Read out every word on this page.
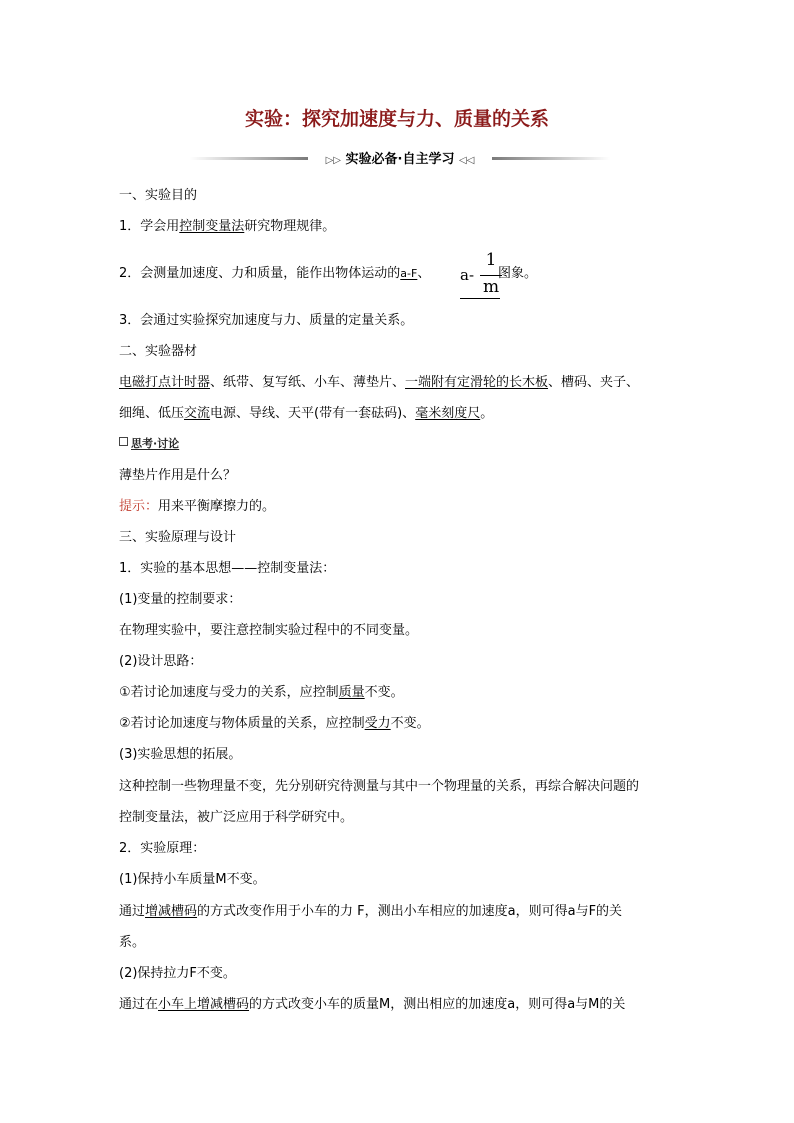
实验：探究加速度与力、质量的关系
▷▷ 实验必备·自主学习 ◁◁
一、实验目的
1．学会用控制变量法研究物理规律。
2．会测量加速度、力和质量，能作出物体运动的a-F、 a-
1
m
图象。
3．会通过实验探究加速度与力、质量的定量关系。
二、实验器材
电磁打点计时器、纸带、复写纸、小车、薄垫片、一端附有定滑轮的长木板、槽码、夹子、
细绳、低压交流电源、导线、天平(带有一套砝码)、毫米刻度尺。
思考·讨论
薄垫片作用是什么？
提示：用来平衡摩擦力的。
三、实验原理与设计
1．实验的基本思想——控制变量法：
(1)变量的控制要求：
在物理实验中，要注意控制实验过程中的不同变量。
(2)设计思路：
①若讨论加速度与受力的关系，应控制质量不变。
②若讨论加速度与物体质量的关系，应控制受力不变。
(3)实验思想的拓展。
这种控制一些物理量不变，先分别研究待测量与其中一个物理量的关系，再综合解决问题的
控制变量法，被广泛应用于科学研究中。
2．实验原理：
(1)保持小车质量M不变。
通过增减槽码的方式改变作用于小车的力 F，测出小车相应的加速度a，则可得a与F的关
系。
(2)保持拉力F不变。
通过在小车上增减槽码的方式改变小车的质量M，测出相应的加速度a，则可得a与M的关
